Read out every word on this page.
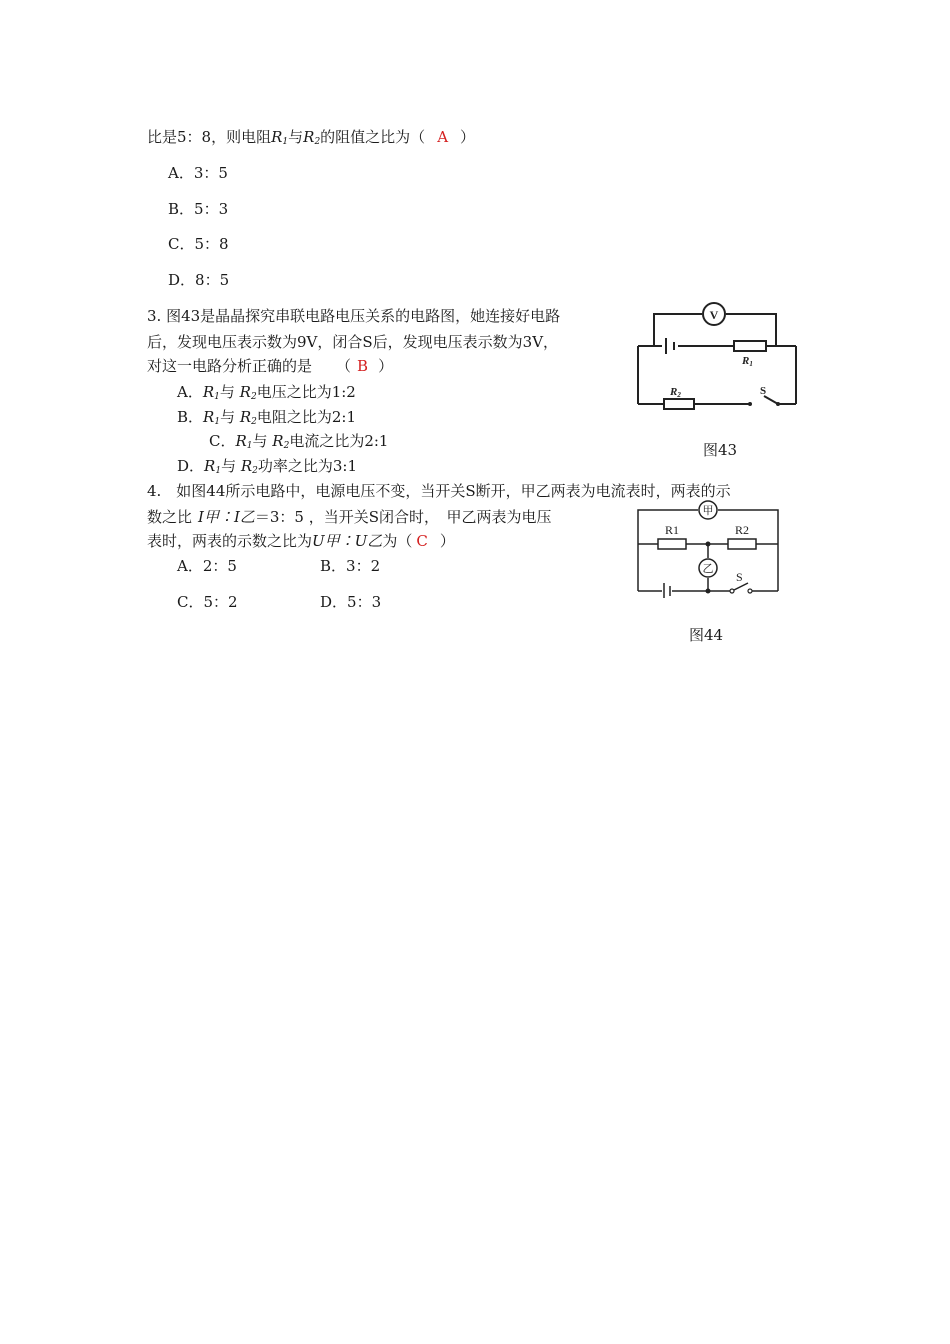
比是5：8，则电阻$R_1$与$R_2$的阻值之比为（ A ）
A．3：5
B．5：3
C．5：8
D．8：5
3. 图43是晶晶探究串联电路电压关系的电路图，她连接好电路
后，发现电压表示数为9V，闭合S后，发现电压表示数为3V，
对这一电路分析正确的是 （ B ）
A．$R_1$与 $R_2$电压之比为1:2
B．$R_1$与 $R_2$电阻之比为2:1
C．$R_1$与 $R_2$电流之比为2:1
D．$R_1$与 $R_2$功率之比为3:1
V
R1
R2	S
图43
4.　如图44所示电路中，电源电压不变，当开关S断开，甲乙两表为电流表时，两表的示
数之比 I甲∶I乙＝3：5 ，当开关S闭合时，　甲乙两表为电压
表时，两表的示数之比为U甲∶U乙为（ C ）
A．2：5	B．3：2
C．5：2	D．5：3
甲
R1	R2
乙
S
图44
